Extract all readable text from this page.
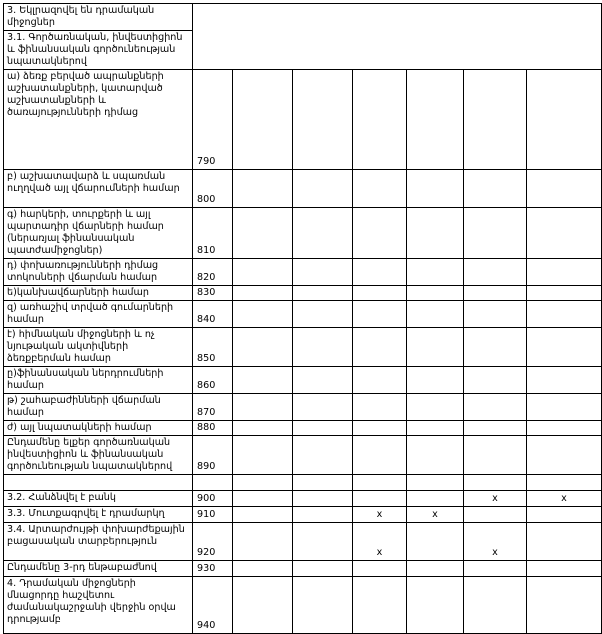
3. Եկլրազովել են դրամական միջոցներ							
3.1. Գործառնական, ինվեստիցիոն և ֆինանսական գործունեության նպատակներով							
ա) ձեռք բերված ապրանքների աշխատանքների, կատարված աշխատանքների և ծառայությունների դիմաց	790						
բ) աշխատավարձ և սպառման ուղղված այլ վճարումների համար	800						
գ) հարկերի, տուրքերի և այլ պարտադիր վճարների համար (ներառյալ ֆինանսական պատժամիջոցներ)	810						
դ) փոխառությունների դիմաց տոկոսների վճարման համար	820						
ե)կանխավճարների համար	830						
զ) առհաշիվ տրված գումարների համար	840						
է) հիմնական միջոցների և ոչ նյութական ակտիվների ձեռքբերման համար	850						
ը)ֆինանսական ներդրումների համար	860						
թ) շահաբաժինների վճարման համար	870						
ժ) այլ նպատակների համար	880						
Ընդամենը ելքեր գործառնական ինվեստիցիոն և ֆինանսական գործունեության նպատակներով	890						

3.2. Հանձնվել է բանկ	900					x	x
3.3. Մուտքագրվել է դրամարկղ	910			x	x		
3.4. Արտարժույթի փոխարժեքային բացասական տարբերություն	920			x		x	
Ընդամենը 3-րդ ենթաբաժնով	930						
4. Դրամական միջոցների մնացորդը հաշվետու ժամանակաշրջանի վերջին օրվա դրությամբ	940						
